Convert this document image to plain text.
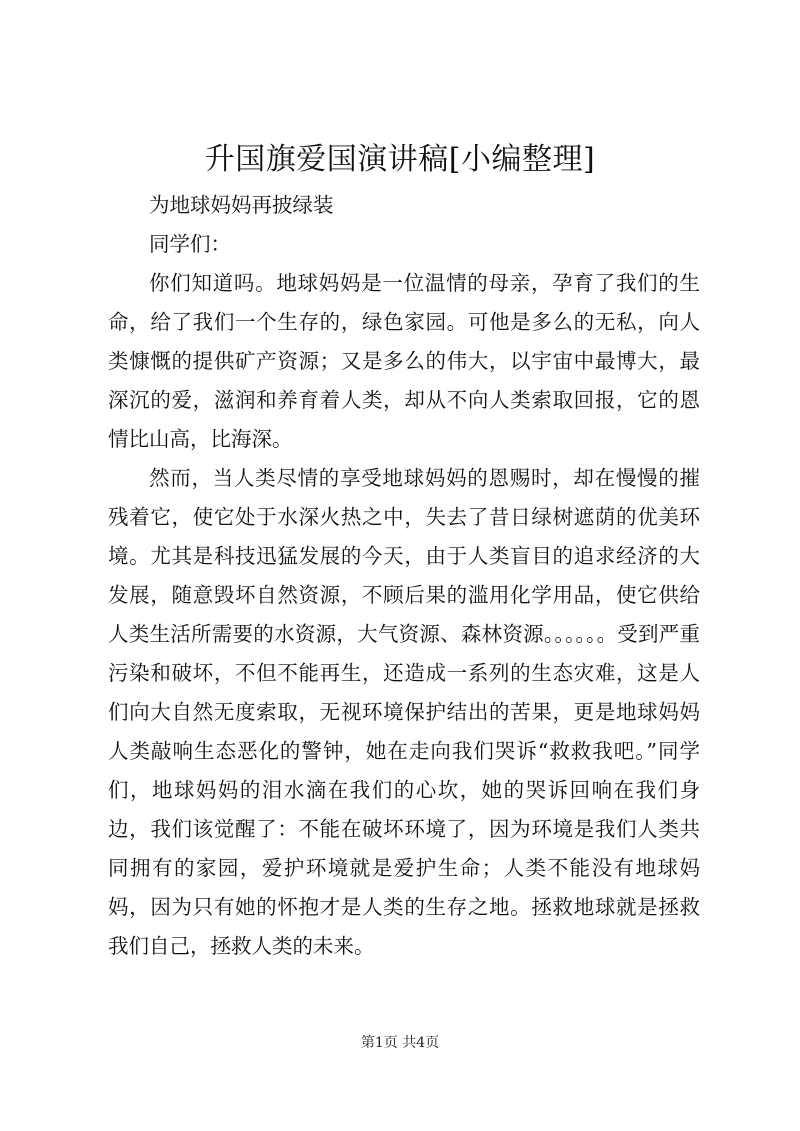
升国旗爱国演讲稿[小编整理]

为地球妈妈再披绿装

同学们：

你们知道吗。地球妈妈是一位温情的母亲，孕育了我们的生命，给了我们一个生存的，绿色家园。可他是多么的无私，向人类慷慨的提供矿产资源；又是多么的伟大，以宇宙中最博大，最深沉的爱，滋润和养育着人类，却从不向人类索取回报，它的恩情比山高，比海深。

然而，当人类尽情的享受地球妈妈的恩赐时，却在慢慢的摧残着它，使它处于水深火热之中，失去了昔日绿树遮荫的优美环境。尤其是科技迅猛发展的今天，由于人类盲目的追求经济的大发展，随意毁坏自然资源，不顾后果的滥用化学用品，使它供给人类生活所需要的水资源，大气资源、森林资源。。。。。。受到严重污染和破坏，不但不能再生，还造成一系列的生态灾难，这是人们向大自然无度索取，无视环境保护结出的苦果，更是地球妈妈人类敲响生态恶化的警钟，她在走向我们哭诉“救救我吧。”同学们，地球妈妈的泪水滴在我们的心坎，她的哭诉回响在我们身边，我们该觉醒了：不能在破坏环境了，因为环境是我们人类共同拥有的家园，爱护环境就是爱护生命；人类不能没有地球妈妈，因为只有她的怀抱才是人类的生存之地。拯救地球就是拯救我们自己，拯救人类的未来。

第1页 共4页
